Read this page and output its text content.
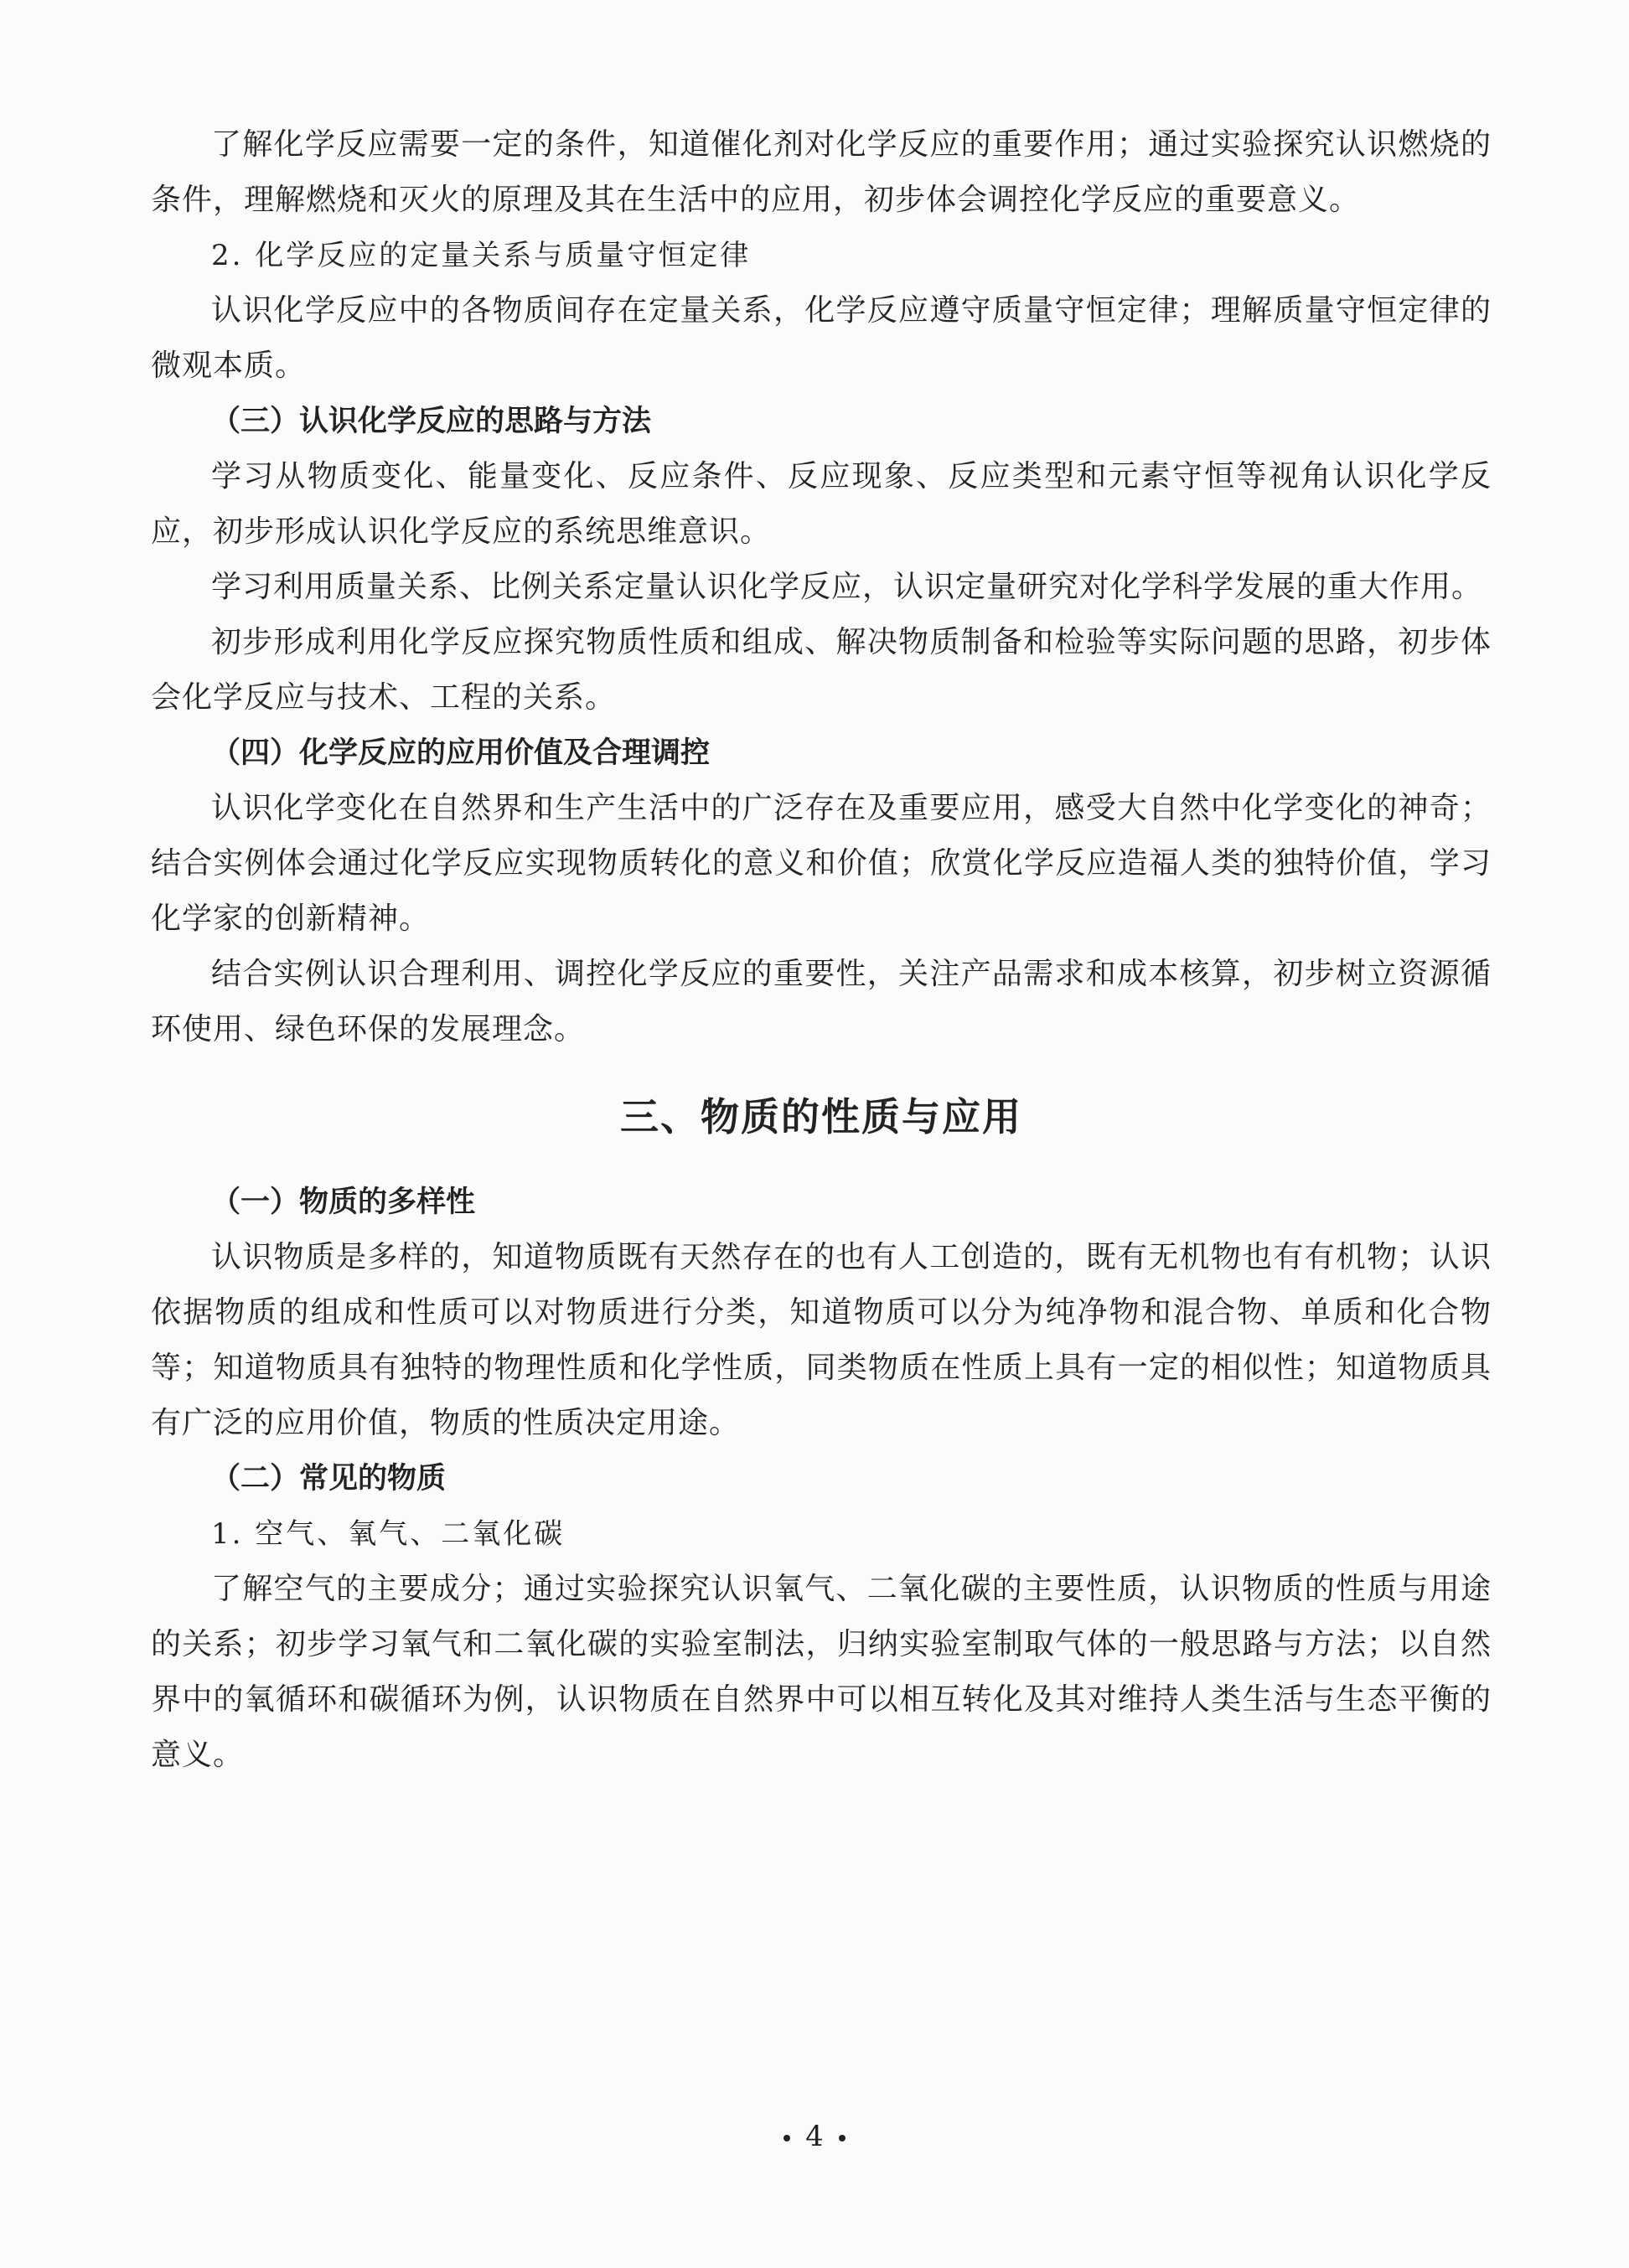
了解化学反应需要一定的条件，知道催化剂对化学反应的重要作用；通过实验探究认识燃烧的条件，理解燃烧和灭火的原理及其在生活中的应用，初步体会调控化学反应的重要意义。

2. 化学反应的定量关系与质量守恒定律

认识化学反应中的各物质间存在定量关系，化学反应遵守质量守恒定律；理解质量守恒定律的微观本质。

（三）认识化学反应的思路与方法

学习从物质变化、能量变化、反应条件、反应现象、反应类型和元素守恒等视角认识化学反应，初步形成认识化学反应的系统思维意识。

学习利用质量关系、比例关系定量认识化学反应，认识定量研究对化学科学发展的重大作用。

初步形成利用化学反应探究物质性质和组成、解决物质制备和检验等实际问题的思路，初步体会化学反应与技术、工程的关系。

（四）化学反应的应用价值及合理调控

认识化学变化在自然界和生产生活中的广泛存在及重要应用，感受大自然中化学变化的神奇；结合实例体会通过化学反应实现物质转化的意义和价值；欣赏化学反应造福人类的独特价值，学习化学家的创新精神。

结合实例认识合理利用、调控化学反应的重要性，关注产品需求和成本核算，初步树立资源循环使用、绿色环保的发展理念。

三、物质的性质与应用

（一）物质的多样性

认识物质是多样的，知道物质既有天然存在的也有人工创造的，既有无机物也有有机物；认识依据物质的组成和性质可以对物质进行分类，知道物质可以分为纯净物和混合物、单质和化合物等；知道物质具有独特的物理性质和化学性质，同类物质在性质上具有一定的相似性；知道物质具有广泛的应用价值，物质的性质决定用途。

（二）常见的物质

1. 空气、氧气、二氧化碳

了解空气的主要成分；通过实验探究认识氧气、二氧化碳的主要性质，认识物质的性质与用途的关系；初步学习氧气和二氧化碳的实验室制法，归纳实验室制取气体的一般思路与方法；以自然界中的氧循环和碳循环为例，认识物质在自然界中可以相互转化及其对维持人类生活与生态平衡的意义。

4
